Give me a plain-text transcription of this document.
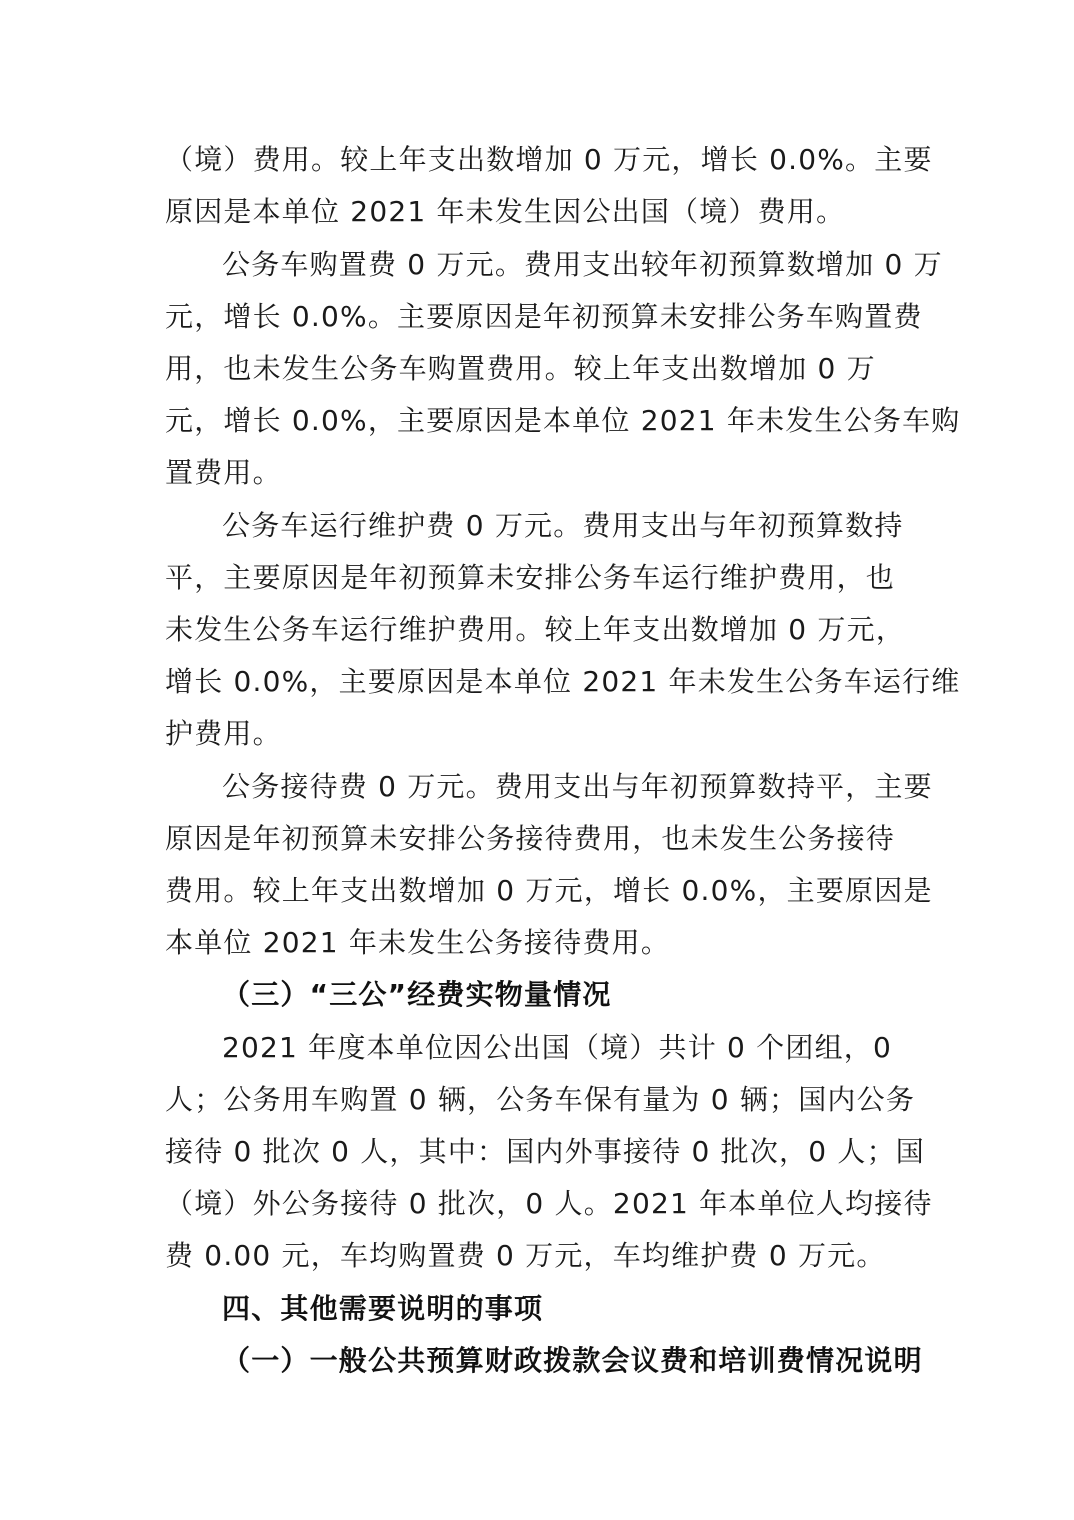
（境）费用。较上年支出数增加 0 万元，增长 0.0%。主要

原因是本单位 2021 年未发生因公出国（境）费用。

公务车购置费 0 万元。费用支出较年初预算数增加 0 万

元，增长 0.0%。主要原因是年初预算未安排公务车购置费

用，也未发生公务车购置费用。较上年支出数增加 0 万

元，增长 0.0%，主要原因是本单位 2021 年未发生公务车购

置费用。

公务车运行维护费 0 万元。费用支出与年初预算数持

平，主要原因是年初预算未安排公务车运行维护费用，也

未发生公务车运行维护费用。较上年支出数增加 0 万元，

增长 0.0%，主要原因是本单位 2021 年未发生公务车运行维

护费用。

公务接待费 0 万元。费用支出与年初预算数持平，主要

原因是年初预算未安排公务接待费用，也未发生公务接待

费用。较上年支出数增加 0 万元，增长 0.0%，主要原因是

本单位 2021 年未发生公务接待费用。

（三）“三公”经费实物量情况

2021 年度本单位因公出国（境）共计 0 个团组，0

人；公务用车购置 0 辆，公务车保有量为 0 辆；国内公务

接待 0 批次 0 人，其中：国内外事接待 0 批次，0 人；国

（境）外公务接待 0 批次，0 人。2021 年本单位人均接待

费 0.00 元，车均购置费 0 万元，车均维护费 0 万元。

四、其他需要说明的事项

（一）一般公共预算财政拨款会议费和培训费情况说明
